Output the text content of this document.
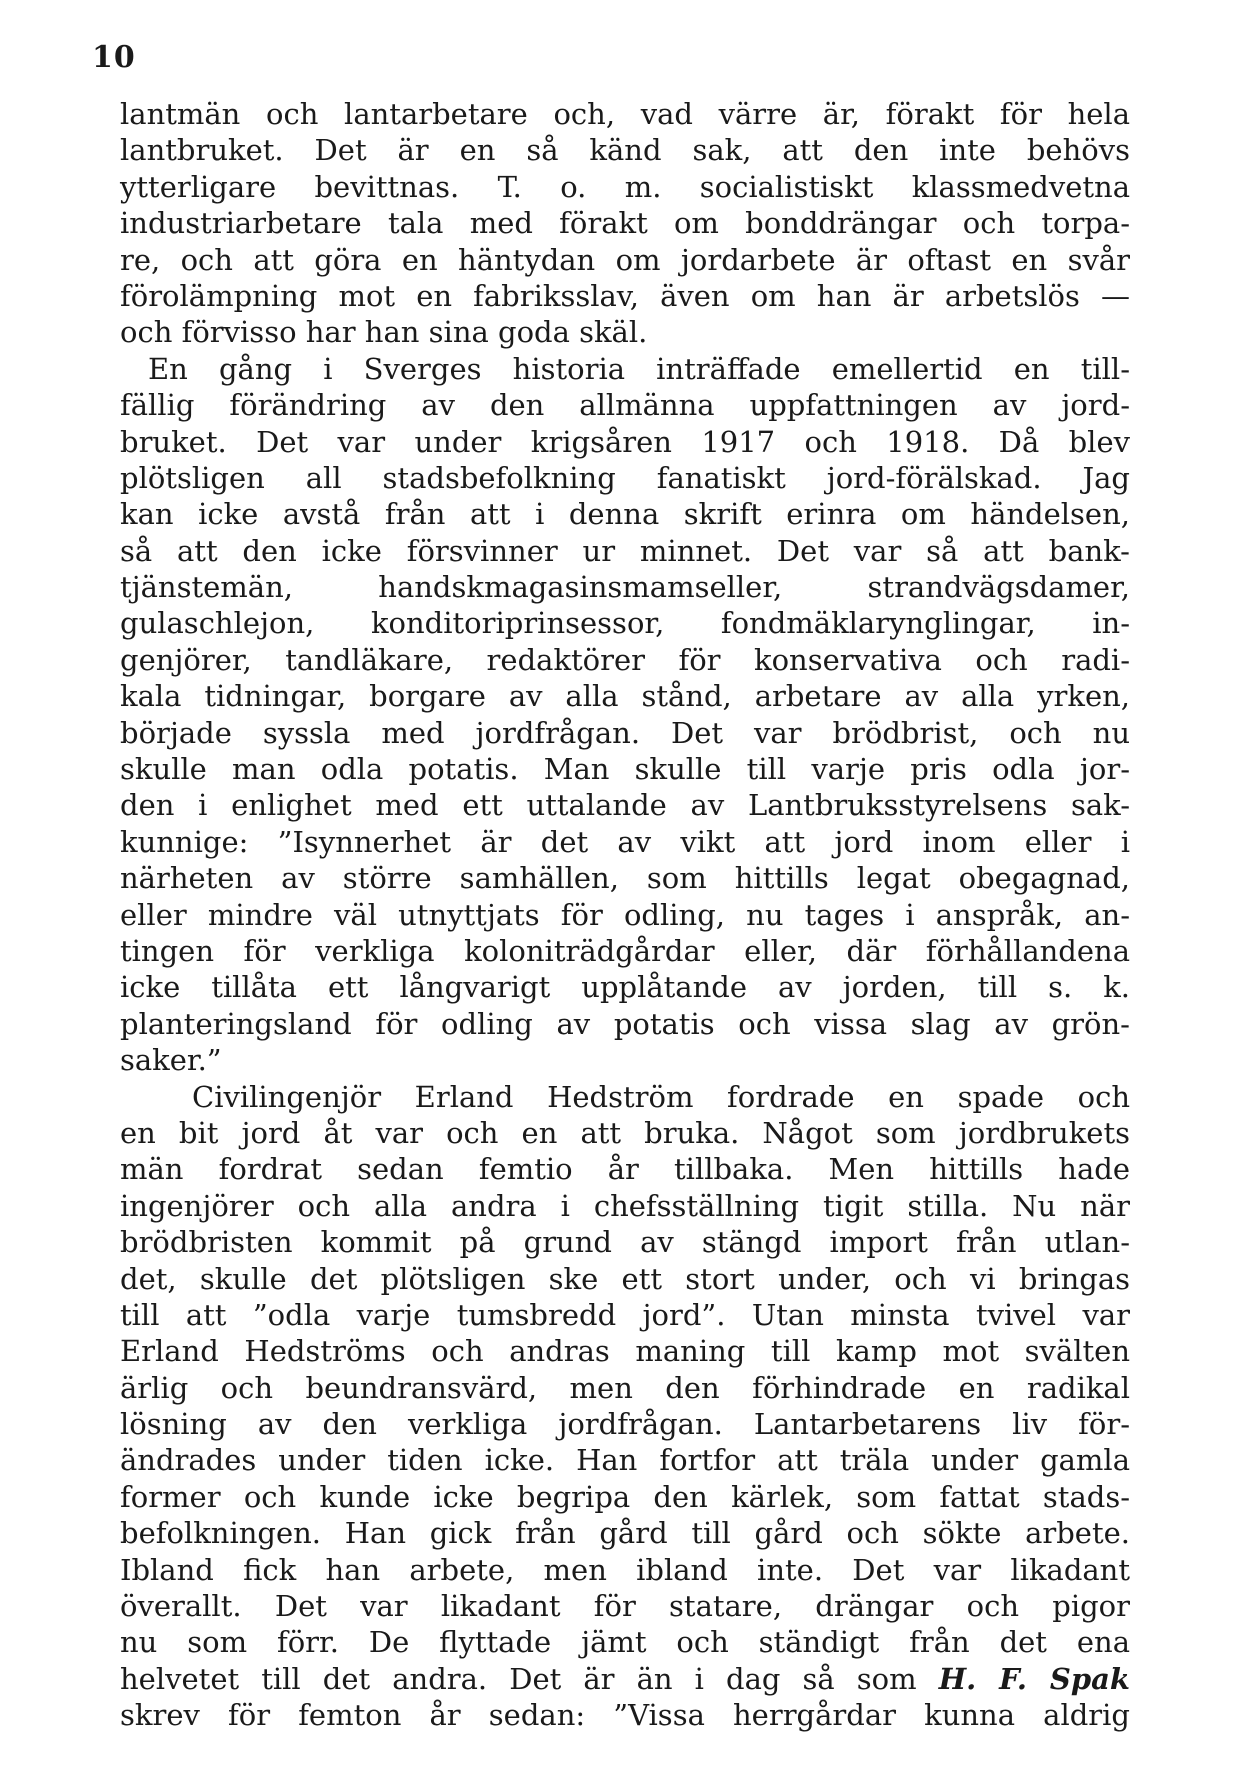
10
lantmän och lantarbetare och, vad värre är, förakt för hela
lantbruket. Det är en så känd sak, att den inte behövs
ytterligare bevittnas. T. o. m. socialistiskt klassmedvetna
industriarbetare tala med förakt om bonddrängar och torpa-
re, och att göra en häntydan om jordarbete är oftast en svår
förolämpning mot en fabriksslav, även om han är arbetslös —
och förvisso har han sina goda skäl.
En gång i Sverges historia inträffade emellertid en till-
fällig förändring av den allmänna uppfattningen av jord-
bruket. Det var under krigsåren 1917 och 1918. Då blev
plötsligen all stadsbefolkning fanatiskt jord-förälskad. Jag
kan icke avstå från att i denna skrift erinra om händelsen,
så att den icke försvinner ur minnet. Det var så att bank-
tjänstemän, handskmagasinsmamseller, strandvägsdamer,
gulaschlejon, konditoriprinsessor, fondmäklarynglingar, in-
genjörer, tandläkare, redaktörer för konservativa och radi-
kala tidningar, borgare av alla stånd, arbetare av alla yrken,
började syssla med jordfrågan. Det var brödbrist, och nu
skulle man odla potatis. Man skulle till varje pris odla jor-
den i enlighet med ett uttalande av Lantbruksstyrelsens sak-
kunnige: ”Isynnerhet är det av vikt att jord inom eller i
närheten av större samhällen, som hittills legat obegagnad,
eller mindre väl utnyttjats för odling, nu tages i anspråk, an-
tingen för verkliga koloniträdgårdar eller, där förhållandena
icke tillåta ett långvarigt upplåtande av jorden, till s. k.
planteringsland för odling av potatis och vissa slag av grön-
saker.”
Civilingenjör Erland Hedström fordrade en spade och
en bit jord åt var och en att bruka. Något som jordbrukets
män fordrat sedan femtio år tillbaka. Men hittills hade
ingenjörer och alla andra i chefsställning tigit stilla. Nu när
brödbristen kommit på grund av stängd import från utlan-
det, skulle det plötsligen ske ett stort under, och vi bringas
till att ”odla varje tumsbredd jord”. Utan minsta tvivel var
Erland Hedströms och andras maning till kamp mot svälten
ärlig och beundransvärd, men den förhindrade en radikal
lösning av den verkliga jordfrågan. Lantarbetarens liv för-
ändrades under tiden icke. Han fortfor att träla under gamla
former och kunde icke begripa den kärlek, som fattat stads-
befolkningen. Han gick från gård till gård och sökte arbete.
Ibland fick han arbete, men ibland inte. Det var likadant
överallt. Det var likadant för statare, drängar och pigor
nu som förr. De flyttade jämt och ständigt från det ena
helvetet till det andra. Det är än i dag så som H. F. Spak
skrev för femton år sedan: ”Vissa herrgårdar kunna aldrig
